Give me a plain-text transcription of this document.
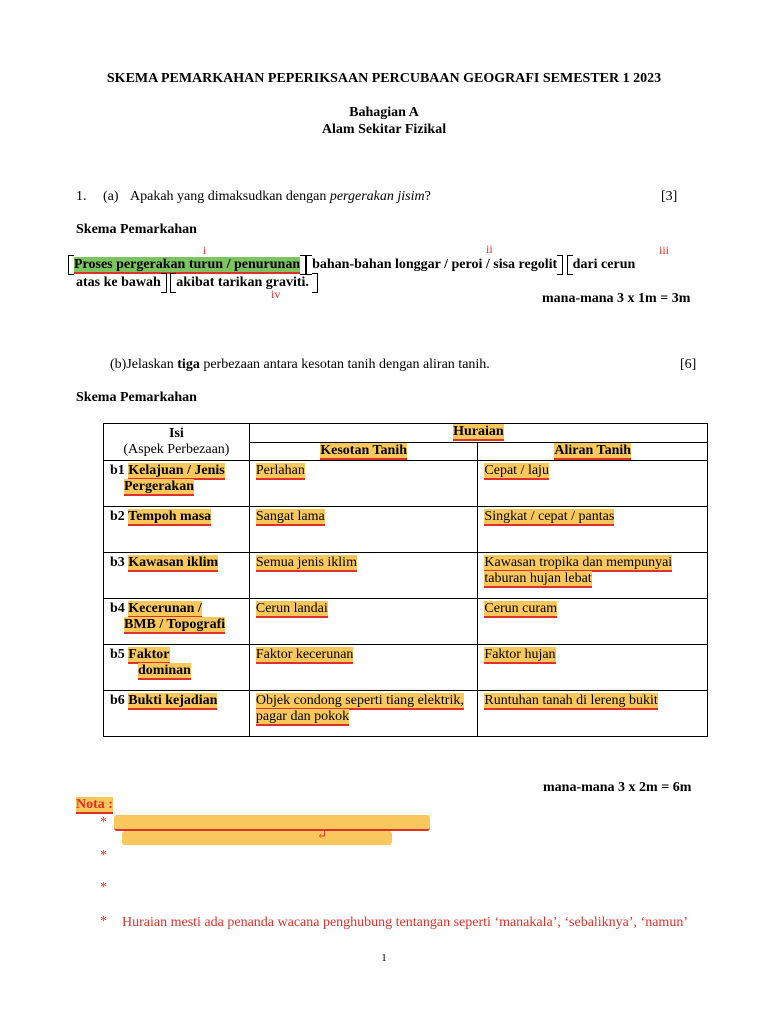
SKEMA PEMARKAHAN PEPERIKSAAN PERCUBAAN GEOGRAFI SEMESTER 1 2023
Bahagian A
Alam Sekitar Fizikal
1. (a) Apakah yang dimaksudkan dengan pergerakan jisim?	[3]
Skema Pemarkahan
i	ii	iii
Proses pergerakan turun / penurunan bahan-bahan longgar / peroi / sisa regolit dari cerun
atas ke bawah akibat tarikan graviti.
iv	mana-mana 3 x 1m = 3m
(b)Jelaskan tiga perbezaan antara kesotan tanih dengan aliran tanih.	[6]
Skema Pemarkahan
Isi
(Aspek Perbezaan)	Huraian	
	Kesotan Tanih	Aliran Tanih
b1 Kelajuan / Jenis
Pergerakan	Perlahan	Cepat / laju
b2 Tempoh masa	Sangat lama	Singkat / cepat / pantas
b3 Kawasan iklim	Semua jenis iklim	Kawasan tropika dan mempunyai taburan hujan lebat
b4 Kecerunan /
BMB / Topografi	Cerun landai	Cerun curam
b5 Faktor
dominan	Faktor kecerunan	Faktor hujan
b6 Bukti kejadian	Objek condong seperti tiang elektrik, pagar dan pokok	Runtuhan tanah di lereng bukit
mana-mana 3 x 2m = 6m
Nota :
*
↵
*
*
* Huraian mesti ada penanda wacana penghubung tentangan seperti ‘manakala’, ‘sebaliknya’, ‘namun’
1
